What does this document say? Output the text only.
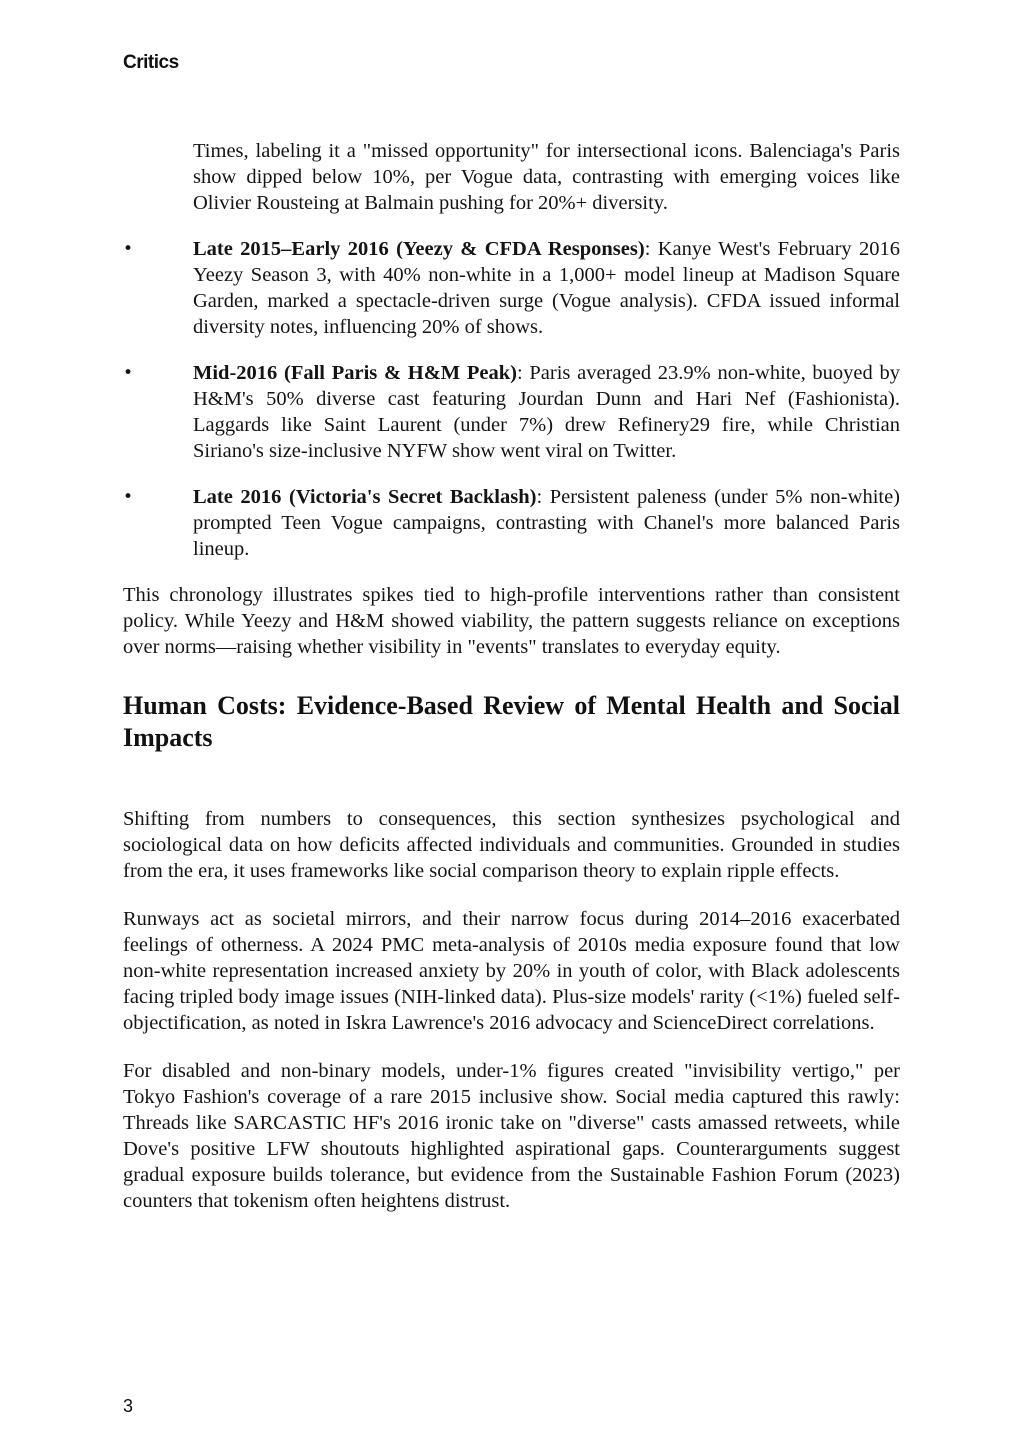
Critics
Times, labeling it a "missed opportunity" for intersectional icons. Balenciaga's Paris show dipped below 10%, per Vogue data, contrasting with emerging voices like Olivier Rousteing at Balmain pushing for 20%+ diversity.
•	Late 2015–Early 2016 (Yeezy & CFDA Responses): Kanye West's February 2016 Yeezy Season 3, with 40% non-white in a 1,000+ model lineup at Madison Square Garden, marked a spectacle-driven surge (Vogue analysis). CFDA issued informal diversity notes, influencing 20% of shows.
•	Mid-2016 (Fall Paris & H&M Peak): Paris averaged 23.9% non-white, buoyed by H&M's 50% diverse cast featuring Jourdan Dunn and Hari Nef (Fashionista). Laggards like Saint Laurent (under 7%) drew Refinery29 fire, while Christian Siriano's size-inclusive NYFW show went viral on Twitter.
•	Late 2016 (Victoria's Secret Backlash): Persistent paleness (under 5% non-white) prompted Teen Vogue campaigns, contrasting with Chanel's more balanced Paris lineup.

This chronology illustrates spikes tied to high-profile interventions rather than consistent policy. While Yeezy and H&M showed viability, the pattern suggests reliance on exceptions over norms—raising whether visibility in "events" translates to everyday equity.

Human Costs: Evidence-Based Review of Mental Health and Social Impacts

Shifting from numbers to consequences, this section synthesizes psychological and sociological data on how deficits affected individuals and communities. Grounded in studies from the era, it uses frameworks like social comparison theory to explain ripple effects.

Runways act as societal mirrors, and their narrow focus during 2014–2016 exacerbated feelings of otherness. A 2024 PMC meta-analysis of 2010s media exposure found that low non-white representation increased anxiety by 20% in youth of color, with Black adolescents facing tripled body image issues (NIH-linked data). Plus-size models' rarity (<1%) fueled self-objectification, as noted in Iskra Lawrence's 2016 advocacy and ScienceDirect correlations.

For disabled and non-binary models, under-1% figures created "invisibility vertigo," per Tokyo Fashion's coverage of a rare 2015 inclusive show. Social media captured this rawly: Threads like SARCASTIC HF's 2016 ironic take on "diverse" casts amassed retweets, while Dove's positive LFW shoutouts highlighted aspirational gaps. Counterarguments suggest gradual exposure builds tolerance, but evidence from the Sustainable Fashion Forum (2023) counters that tokenism often heightens distrust.

3
